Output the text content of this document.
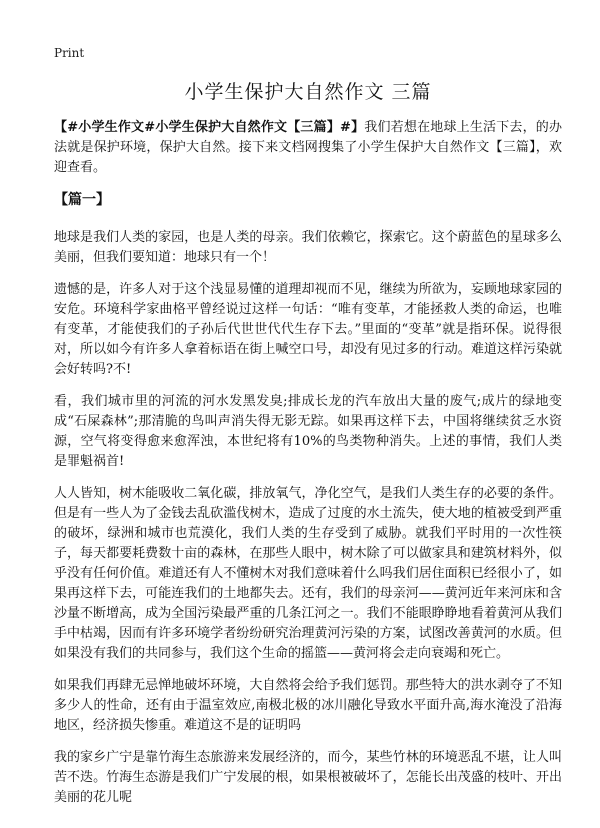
Print
小学生保护大自然作文 三篇

【#小学生作文#小学生保护大自然作文【三篇】#】我们若想在地球上生活下去，的办法就是保护环境，保护大自然。接下来文档网搜集了小学生保护大自然作文【三篇】，欢迎查看。

【篇一】

地球是我们人类的家园，也是人类的母亲。我们依赖它，探索它。这个蔚蓝色的星球多么美丽，但我们要知道：地球只有一个！

遗憾的是，许多人对于这个浅显易懂的道理却视而不见，继续为所欲为，妄顾地球家园的安危。环境科学家曲格平曾经说过这样一句话：“唯有变革，才能拯救人类的命运，也唯有变革，才能使我们的子孙后代世世代代生存下去。”里面的“变革”就是指环保。说得很对，所以如今有许多人拿着标语在街上喊空口号，却没有见过多的行动。难道这样污染就会好转吗?不!

看，我们城市里的河流的河水发黑发臭;排成长龙的汽车放出大量的废气;成片的绿地变成“石屎森林”;那清脆的鸟叫声消失得无影无踪。如果再这样下去，中国将继续贫乏水资源，空气将变得愈来愈浑浊，本世纪将有10%的鸟类物种消失。上述的事情，我们人类是罪魁祸首!

人人皆知，树木能吸收二氧化碳，排放氧气，净化空气，是我们人类生存的必要的条件。但是有一些人为了金钱去乱砍滥伐树木，造成了过度的水土流失，使大地的植被受到严重的破坏，绿洲和城市也荒漠化，我们人类的生存受到了威胁。就我们平时用的一次性筷子，每天都要耗费数十亩的森林，在那些人眼中，树木除了可以做家具和建筑材料外，似乎没有任何价值。难道还有人不懂树木对我们意味着什么吗我们居住面积已经很小了，如果再这样下去，可能连我们的土地都失去。还有，我们的母亲河——黄河近年来河床和含沙量不断增高，成为全国污染最严重的几条江河之一。我们不能眼睁睁地看着黄河从我们手中枯竭，因而有许多环境学者纷纷研究治理黄河污染的方案，试图改善黄河的水质。但如果没有我们的共同参与，我们这个生命的摇篮——黄河将会走向衰竭和死亡。

如果我们再肆无忌惮地破坏环境，大自然将会给予我们惩罚。那些特大的洪水剥夺了不知多少人的性命，还有由于温室效应,南极北极的冰川融化导致水平面升高,海水淹没了沿海地区，经济损失惨重。难道这不是的证明吗

我的家乡广宁是靠竹海生态旅游来发展经济的，而今，某些竹林的环境恶乱不堪，让人叫苦不迭。竹海生态游是我们广宁发展的根，如果根被破坏了，怎能长出茂盛的枝叶、开出美丽的花儿呢
